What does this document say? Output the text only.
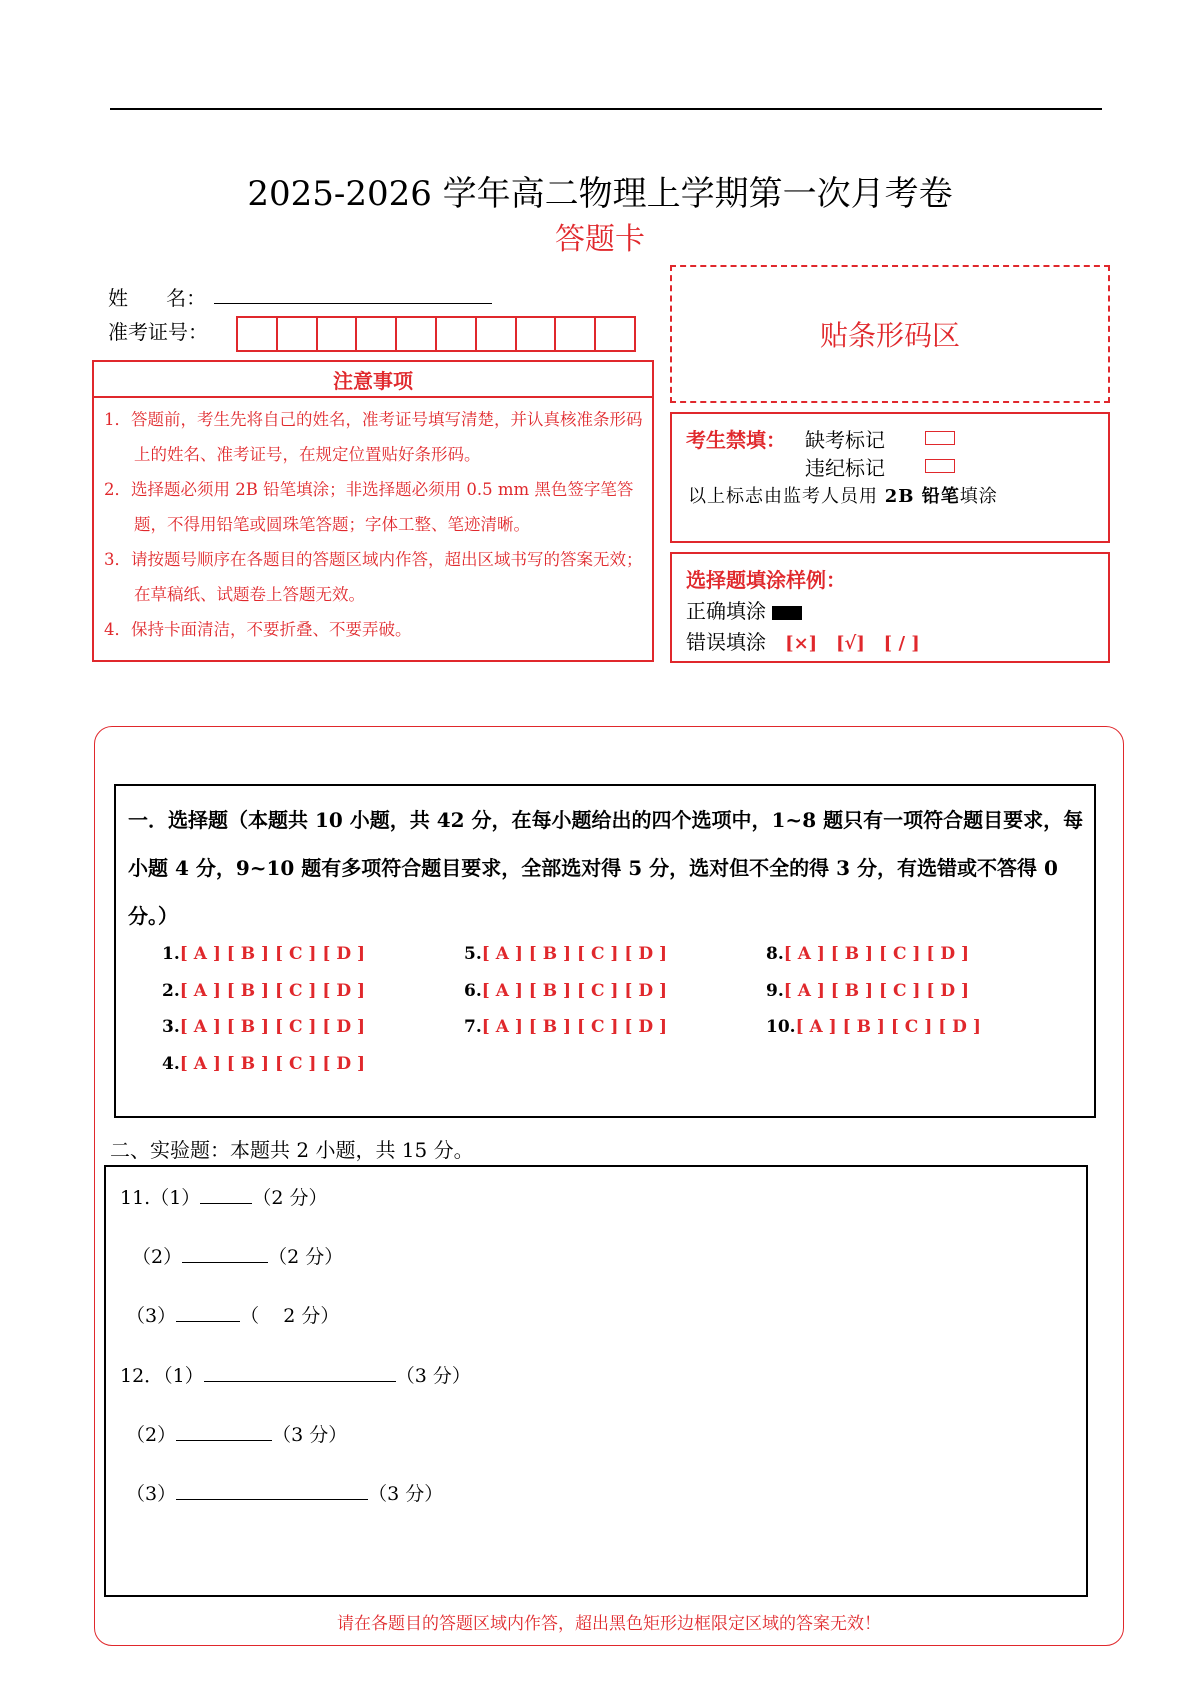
2025-2026 学年高二物理上学期第一次月考卷
答题卡
姓      名：
准考证号：	贴条形码区
注意事项
1．答题前，考生先将自己的姓名，准考证号填写清楚，并认真核准条形码上的姓名、准考证号，在规定位置贴好条形码。
2．选择题必须用 2B 铅笔填涂；非选择题必须用 0.5 mm 黑色签字笔答题，不得用铅笔或圆珠笔答题；字体工整、笔迹清晰。
3．请按题号顺序在各题目的答题区域内作答，超出区域书写的答案无效；在草稿纸、试题卷上答题无效。
4．保持卡面清洁，不要折叠、不要弄破。
考生禁填： 缺考标记
违纪标记
以上标志由监考人员用 2B 铅笔填涂
选择题填涂样例：
正确填涂
错误填涂 [×]   [√]   [ / ]
一．选择题（本题共 10 小题，共 42 分，在每小题给出的四个选项中，1~8 题只有一项符合题目要求，每小题 4 分，9~10 题有多项符合题目要求，全部选对得 5 分，选对但不全的得 3 分，有选错或不答得 0 分。）
1.[ A ] [ B ] [ C ] [ D ]
2.[ A ] [ B ] [ C ] [ D ]
3.[ A ] [ B ] [ C ] [ D ]
4.[ A ] [ B ] [ C ] [ D ]
5.[ A ] [ B ] [ C ] [ D ]
6.[ A ] [ B ] [ C ] [ D ]
7.[ A ] [ B ] [ C ] [ D ]
8.[ A ] [ B ] [ C ] [ D ]
9.[ A ] [ B ] [ C ] [ D ]
10.[ A ] [ B ] [ C ] [ D ]
二、实验题：本题共 2 小题，共 15 分。
11.（1）	（2 分）
（2）	（2 分）
（3）	（    2 分）
12．（1）	（3 分）
（2）	（3 分）
（3）	（3 分）
请在各题目的答题区域内作答，超出黑色矩形边框限定区域的答案无效！
